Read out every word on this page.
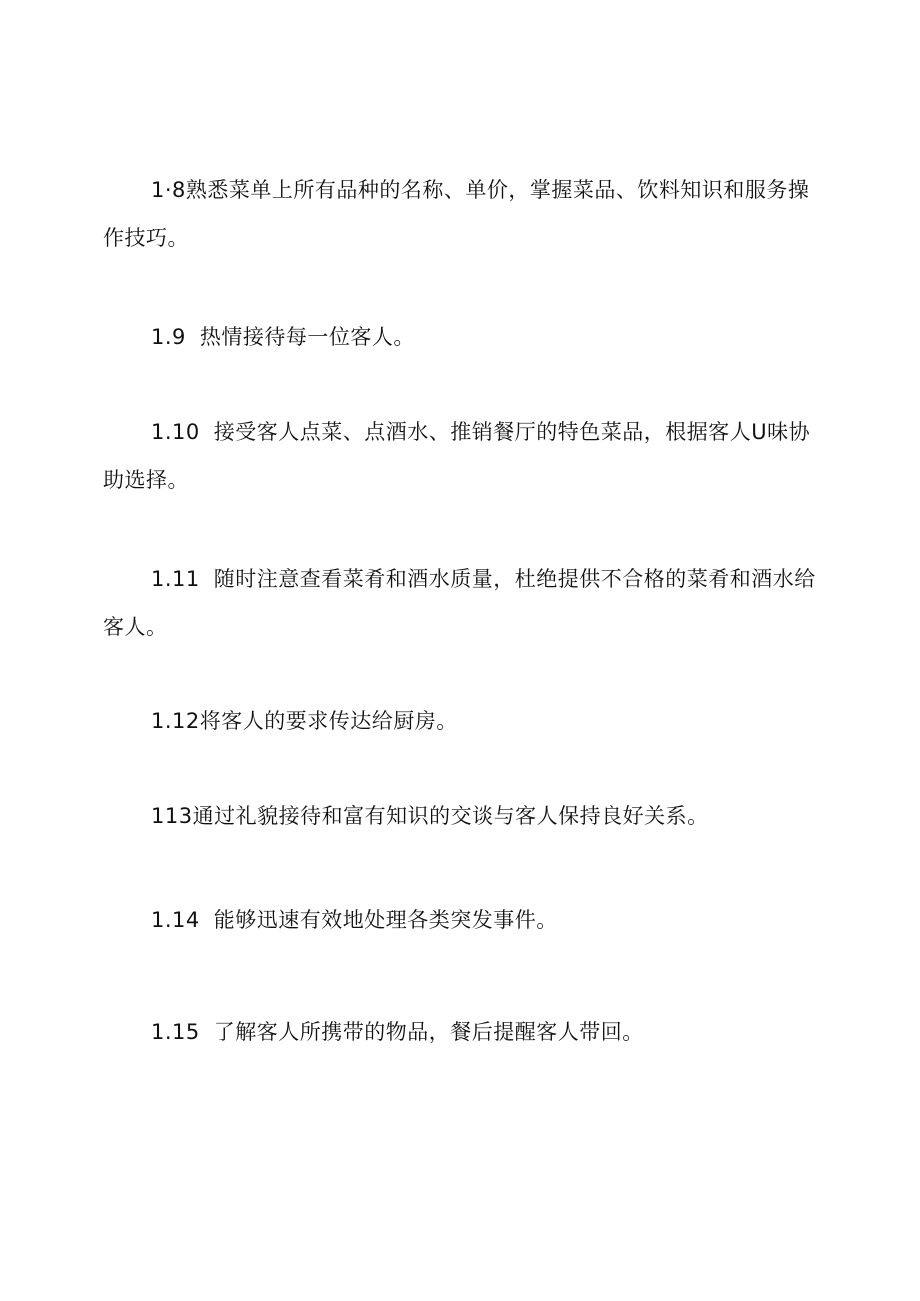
1·8熟悉菜单上所有品种的名称、单价，掌握菜品、饮料知识和服务操作技巧。

1.9 热情接待每一位客人。

1.10 接受客人点菜、点酒水、推销餐厅的特色菜品，根据客人U味协助选择。

1.11 随时注意查看菜肴和酒水质量，杜绝提供不合格的菜肴和酒水给客人。

1.12将客人的要求传达给厨房。

113通过礼貌接待和富有知识的交谈与客人保持良好关系。

1.14 能够迅速有效地处理各类突发事件。

1.15 了解客人所携带的物品，餐后提醒客人带回。
